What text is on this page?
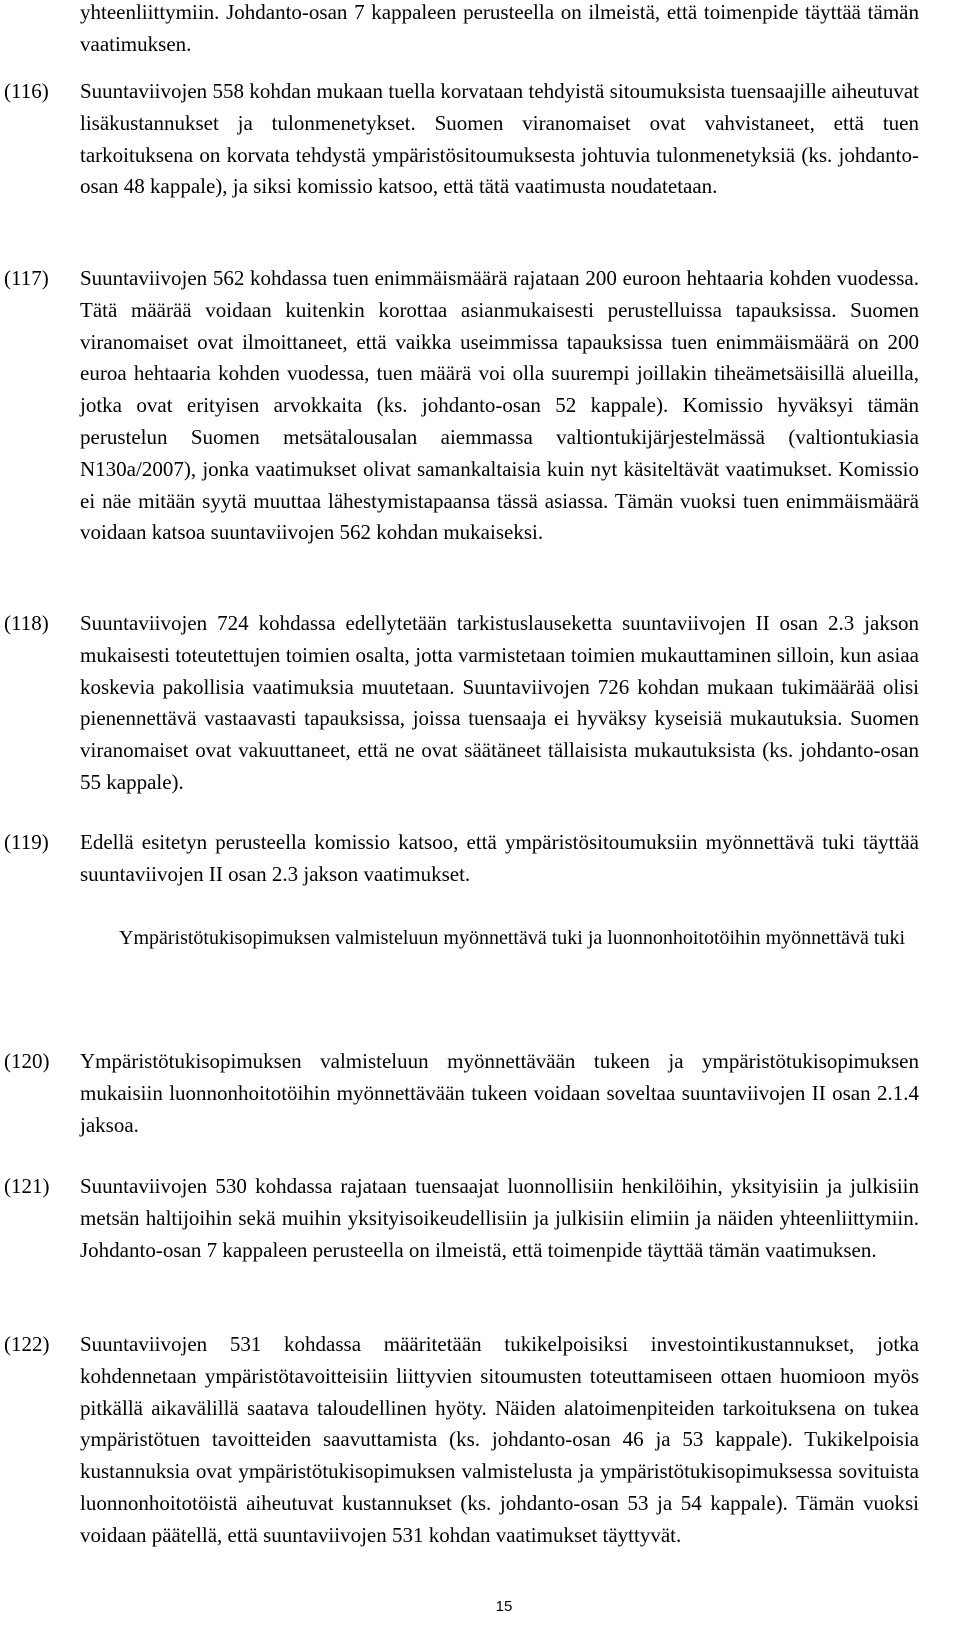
yhteenliittymiin. Johdanto-osan 7 kappaleen perusteella on ilmeistä, että toimenpide täyttää tämän vaatimuksen.

(116) Suuntaviivojen 558 kohdan mukaan tuella korvataan tehdyistä sitoumuksista tuensaajille aiheutuvat lisäkustannukset ja tulonmenetykset. Suomen viranomaiset ovat vahvistaneet, että tuen tarkoituksena on korvata tehdystä ympäristösitoumuksesta johtuvia tulonmenetyksiä (ks. johdanto-osan 48 kappale), ja siksi komissio katsoo, että tätä vaatimusta noudatetaan.

(117) Suuntaviivojen 562 kohdassa tuen enimmäismäärä rajataan 200 euroon hehtaaria kohden vuodessa. Tätä määrää voidaan kuitenkin korottaa asianmukaisesti perustelluissa tapauksissa. Suomen viranomaiset ovat ilmoittaneet, että vaikka useimmissa tapauksissa tuen enimmäismäärä on 200 euroa hehtaaria kohden vuodessa, tuen määrä voi olla suurempi joillakin tiheämetsäisillä alueilla, jotka ovat erityisen arvokkaita (ks. johdanto-osan 52 kappale). Komissio hyväksyi tämän perustelun Suomen metsätalousalan aiemmassa valtiontukijärjestelmässä (valtiontukiasia N130a/2007), jonka vaatimukset olivat samankaltaisia kuin nyt käsiteltävät vaatimukset. Komissio ei näe mitään syytä muuttaa lähestymistapaansa tässä asiassa. Tämän vuoksi tuen enimmäismäärä voidaan katsoa suuntaviivojen 562 kohdan mukaiseksi.

(118) Suuntaviivojen 724 kohdassa edellytetään tarkistuslauseketta suuntaviivojen II osan 2.3 jakson mukaisesti toteutettujen toimien osalta, jotta varmistetaan toimien mukauttaminen silloin, kun asiaa koskevia pakollisia vaatimuksia muutetaan. Suuntaviivojen 726 kohdan mukaan tukimäärää olisi pienennettävä vastaavasti tapauksissa, joissa tuensaaja ei hyväksy kyseisiä mukautuksia. Suomen viranomaiset ovat vakuuttaneet, että ne ovat säätäneet tällaisista mukautuksista (ks. johdanto-osan 55 kappale).

(119) Edellä esitetyn perusteella komissio katsoo, että ympäristösitoumuksiin myönnettävä tuki täyttää suuntaviivojen II osan 2.3 jakson vaatimukset.

Ympäristötukisopimuksen valmisteluun myönnettävä tuki ja luonnonhoitotöihin myönnettävä tuki

(120) Ympäristötukisopimuksen valmisteluun myönnettävään tukeen ja ympäristötukisopimuksen mukaisiin luonnonhoitotöihin myönnettävään tukeen voidaan soveltaa suuntaviivojen II osan 2.1.4 jaksoa.

(121) Suuntaviivojen 530 kohdassa rajataan tuensaajat luonnollisiin henkilöihin, yksityisiin ja julkisiin metsän haltijoihin sekä muihin yksityisoikeudellisiin ja julkisiin elimiin ja näiden yhteenliittymiin. Johdanto-osan 7 kappaleen perusteella on ilmeistä, että toimenpide täyttää tämän vaatimuksen.

(122) Suuntaviivojen 531 kohdassa määritetään tukikelpoisiksi investointikustannukset, jotka kohdennetaan ympäristötavoitteisiin liittyvien sitoumusten toteuttamiseen ottaen huomioon myös pitkällä aikavälillä saatava taloudellinen hyöty. Näiden alatoimenpiteiden tarkoituksena on tukea ympäristötuen tavoitteiden saavuttamista (ks. johdanto-osan 46 ja 53 kappale). Tukikelpoisia kustannuksia ovat ympäristötukisopimuksen valmistelusta ja ympäristötukisopimuksessa sovituista luonnonhoitotöistä aiheutuvat kustannukset (ks. johdanto-osan 53 ja 54 kappale). Tämän vuoksi voidaan päätellä, että suuntaviivojen 531 kohdan vaatimukset täyttyvät.

15
